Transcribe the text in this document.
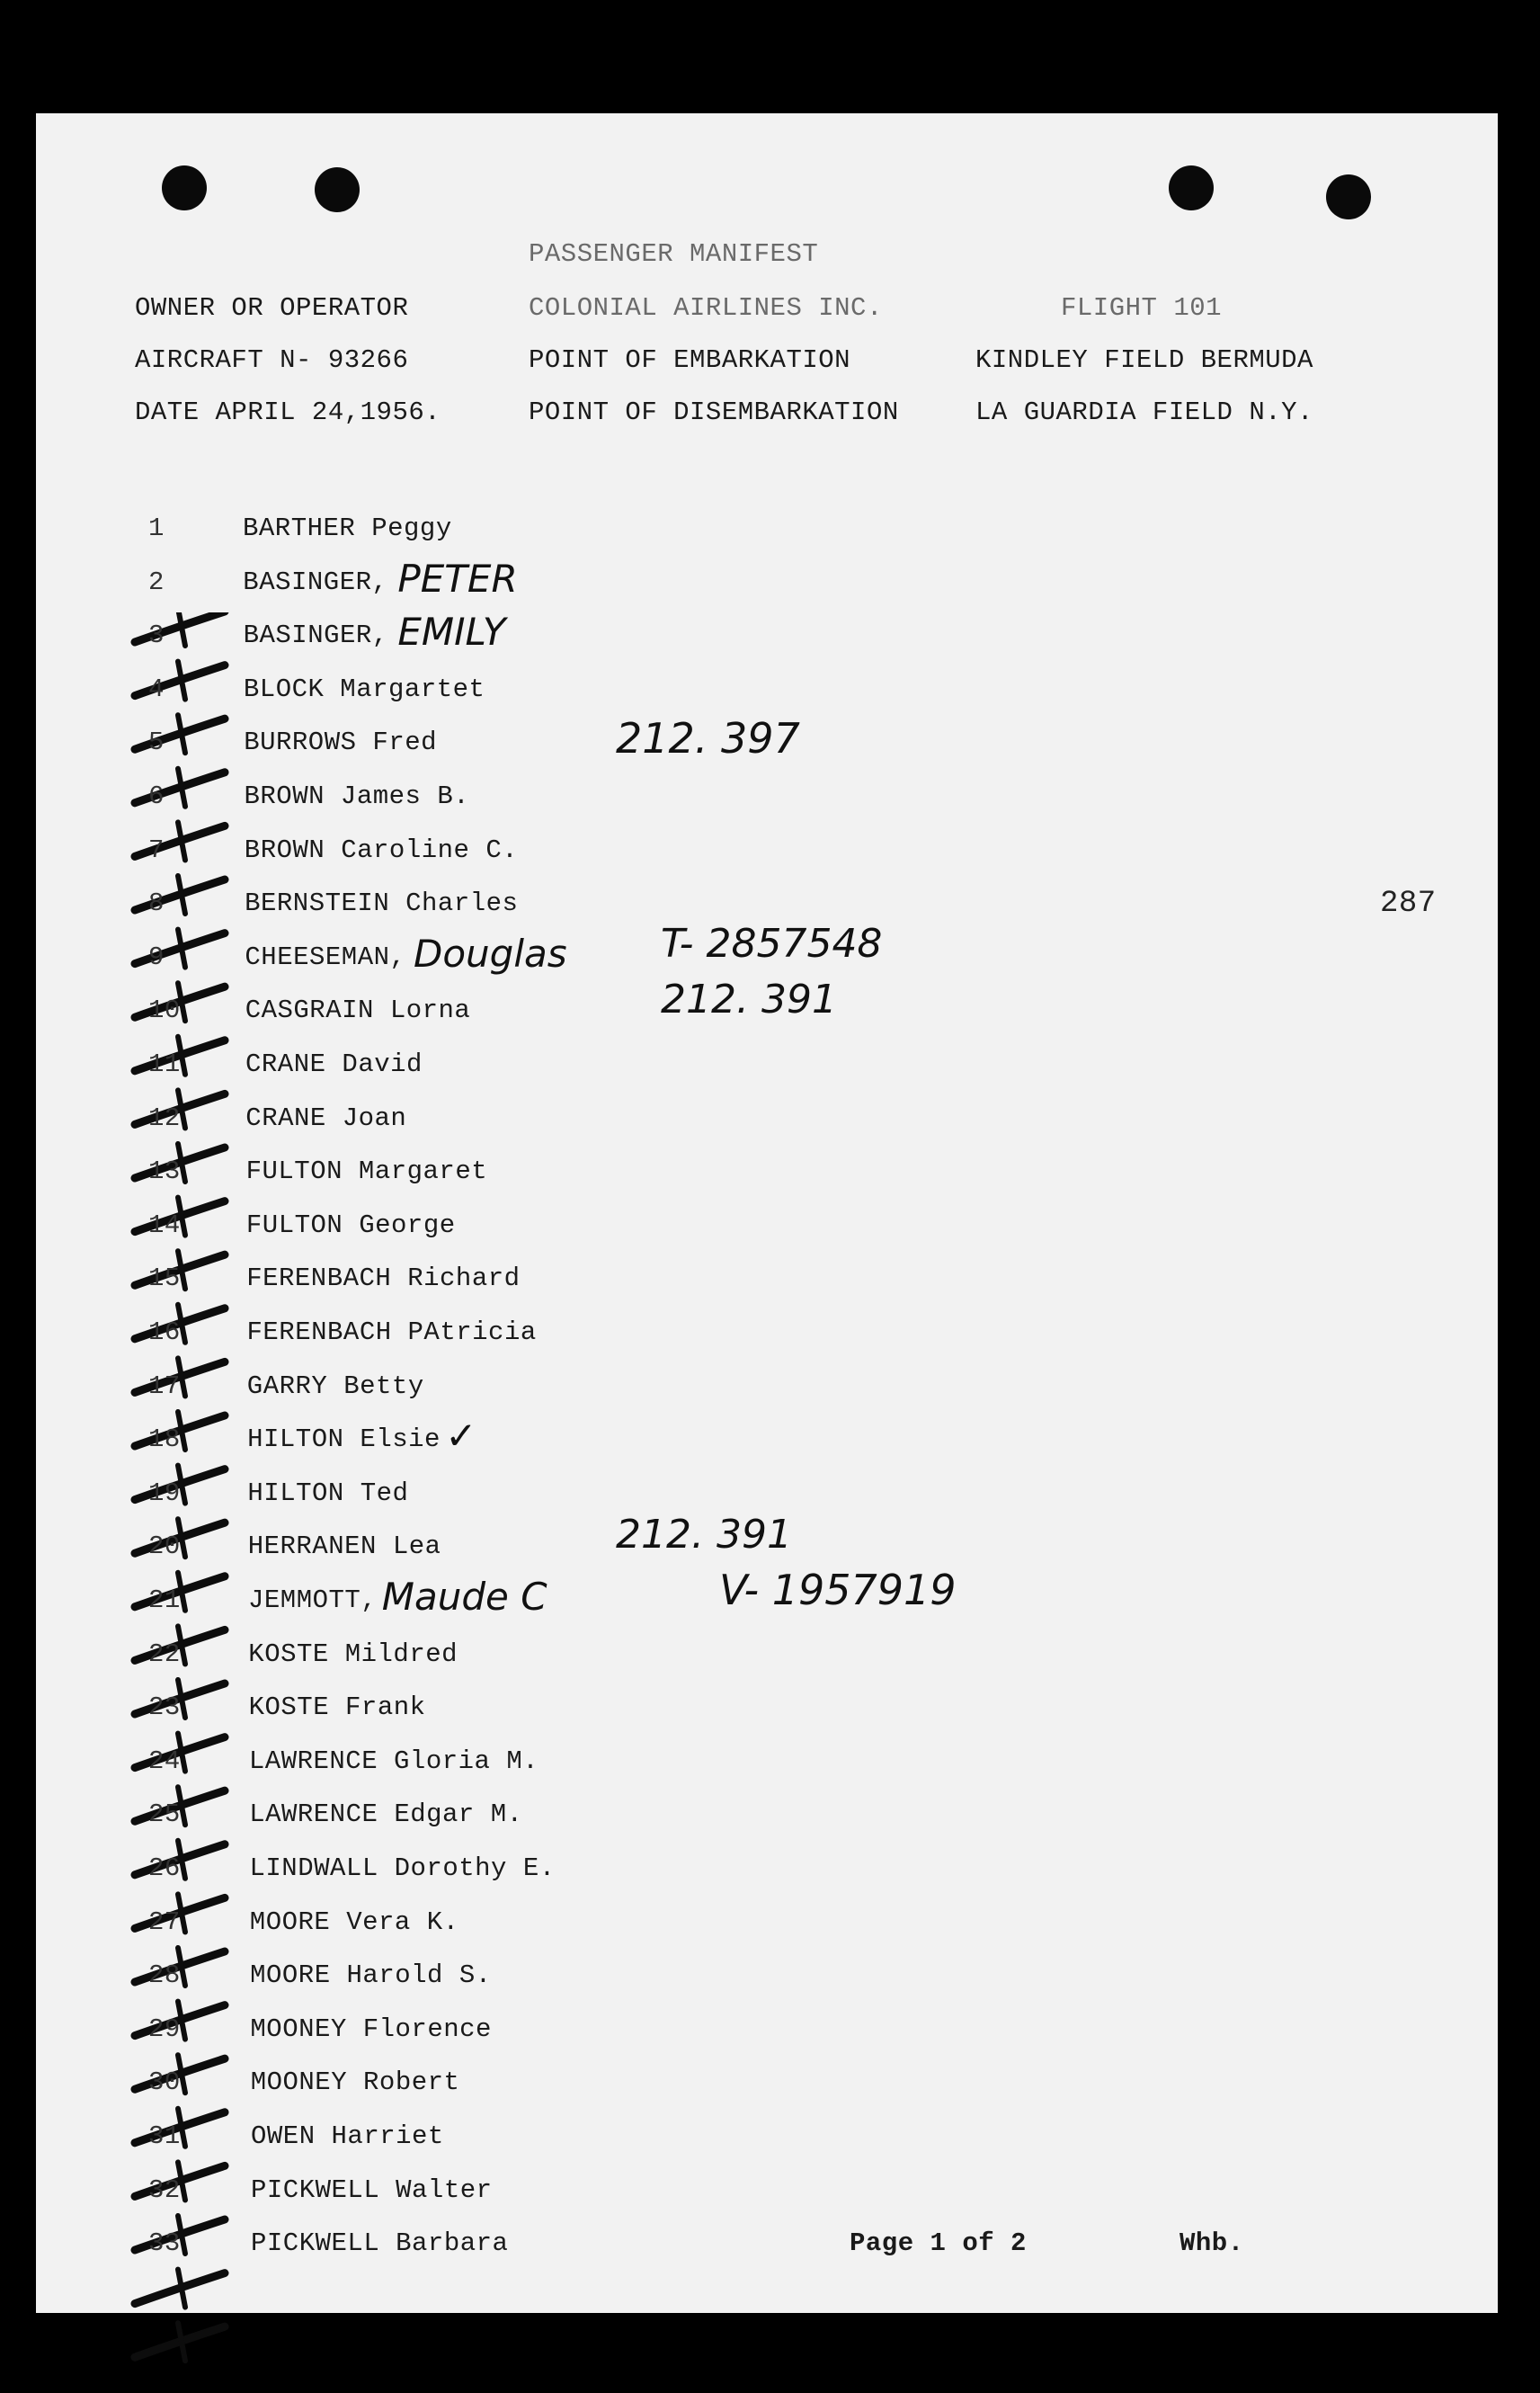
PASSENGER MANIFEST
OWNER OR OPERATOR	COLONIAL AIRLINES INC.	FLIGHT 101
AIRCRAFT N- 93266	POINT OF EMBARKATION	KINDLEY FIELD BERMUDA
DATE APRIL 24,1956.	POINT OF DISEMBARKATION	LA GUARDIA FIELD N.Y.
1	BARTHER Peggy
2	BASINGER, PETER
3	BASINGER, EMILY
4	BLOCK Margartet
5	BURROWS Fred
6	BROWN James B.
7	BROWN Caroline C.
8	BERNSTEIN Charles
9	CHEESEMAN, Douglas
10 CASGRAIN Lorna
11 CRANE David
12 CRANE Joan
13	FULTON Margaret
14	FULTON George
15	FERENBACH Richard
16	FERENBACH PAtricia
17	GARRY Betty
18	HILTON Elsie ✓
19	HILTON Ted
20	HERRANEN Lea
21	JEMMOTT, Maude C
22	KOSTE Mildred
23	KOSTE Frank
24	LAWRENCE Gloria M.
25	LAWRENCE Edgar M.
26	LINDWALL Dorothy E.
27	MOORE Vera K.
28	MOORE Harold S.
29	MOONEY Florence
30	MOONEY Robert
31	OWEN Harriet
32	PICKWELL Walter
33	PICKWELL Barbara
287
212. 397
T- 2857548
212. 391
212. 391
V- 1957919
Page 1 of 2	Whb.
